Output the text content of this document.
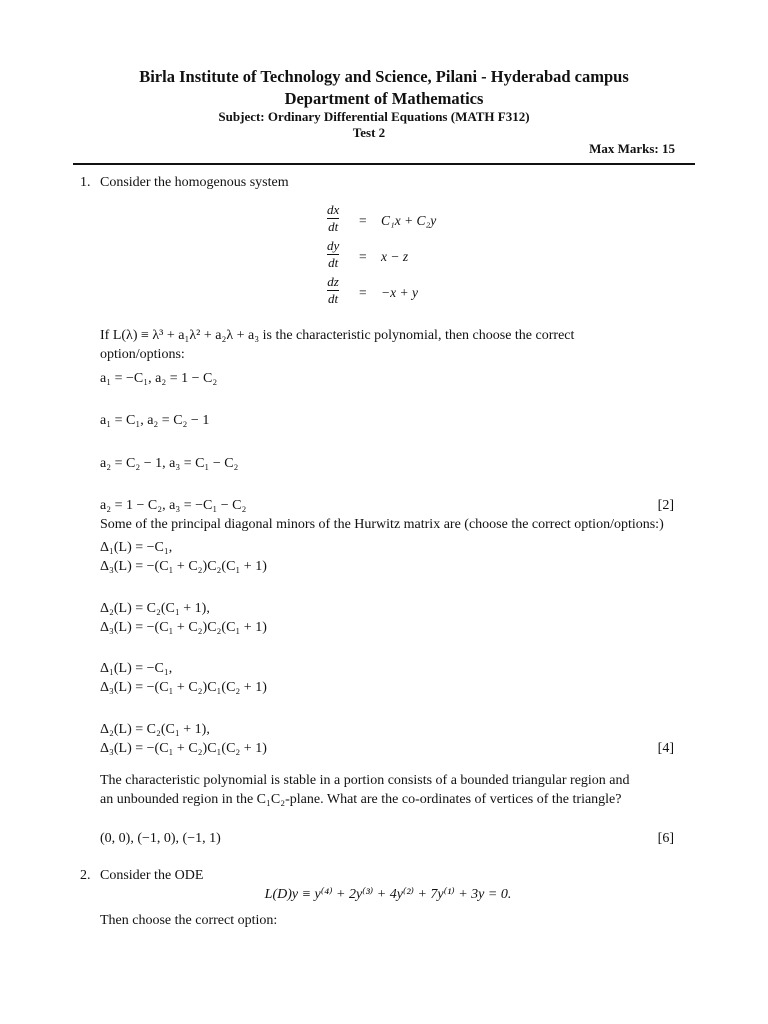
Birla Institute of Technology and Science, Pilani - Hyderabad campus
Department of Mathematics
Subject: Ordinary Differential Equations (MATH F312)
Test 2
Max Marks: 15
1. Consider the homogenous system
$\frac{dx}{dt} = C_1x + C_2y$
$\frac{dy}{dt} = x - z$
$\frac{dz}{dt} = -x + y$
If L(λ) ≡ λ³ + a₁λ² + a₂λ + a₃ is the characteristic polynomial, then choose the correct
option/options:
a₁ = −C₁, a₂ = 1 − C₂
a₁ = C₁, a₂ = C₂ − 1
a₂ = C₂ − 1, a₃ = C₁ − C₂
a₂ = 1 − C₂, a₃ = −C₁ − C₂	[2]
Some of the principal diagonal minors of the Hurwitz matrix are (choose the correct option/options:)
Δ₁(L) = −C₁,
Δ₃(L) = −(C₁ + C₂)C₂(C₁ + 1)
Δ₂(L) = C₂(C₁ + 1),
Δ₃(L) = −(C₁ + C₂)C₂(C₁ + 1)
Δ₁(L) = −C₁,
Δ₃(L) = −(C₁ + C₂)C₁(C₂ + 1)
Δ₂(L) = C₂(C₁ + 1),
Δ₃(L) = −(C₁ + C₂)C₁(C₂ + 1)	[4]
The characteristic polynomial is stable in a portion consists of a bounded triangular region and
an unbounded region in the C₁C₂-plane. What are the co-ordinates of vertices of the triangle?
(0, 0), (−1, 0), (−1, 1)	[6]
2. Consider the ODE
L(D)y ≡ y⁽⁴⁾ + 2y⁽³⁾ + 4y⁽²⁾ + 7y⁽¹⁾ + 3y = 0.
Then choose the correct option:
